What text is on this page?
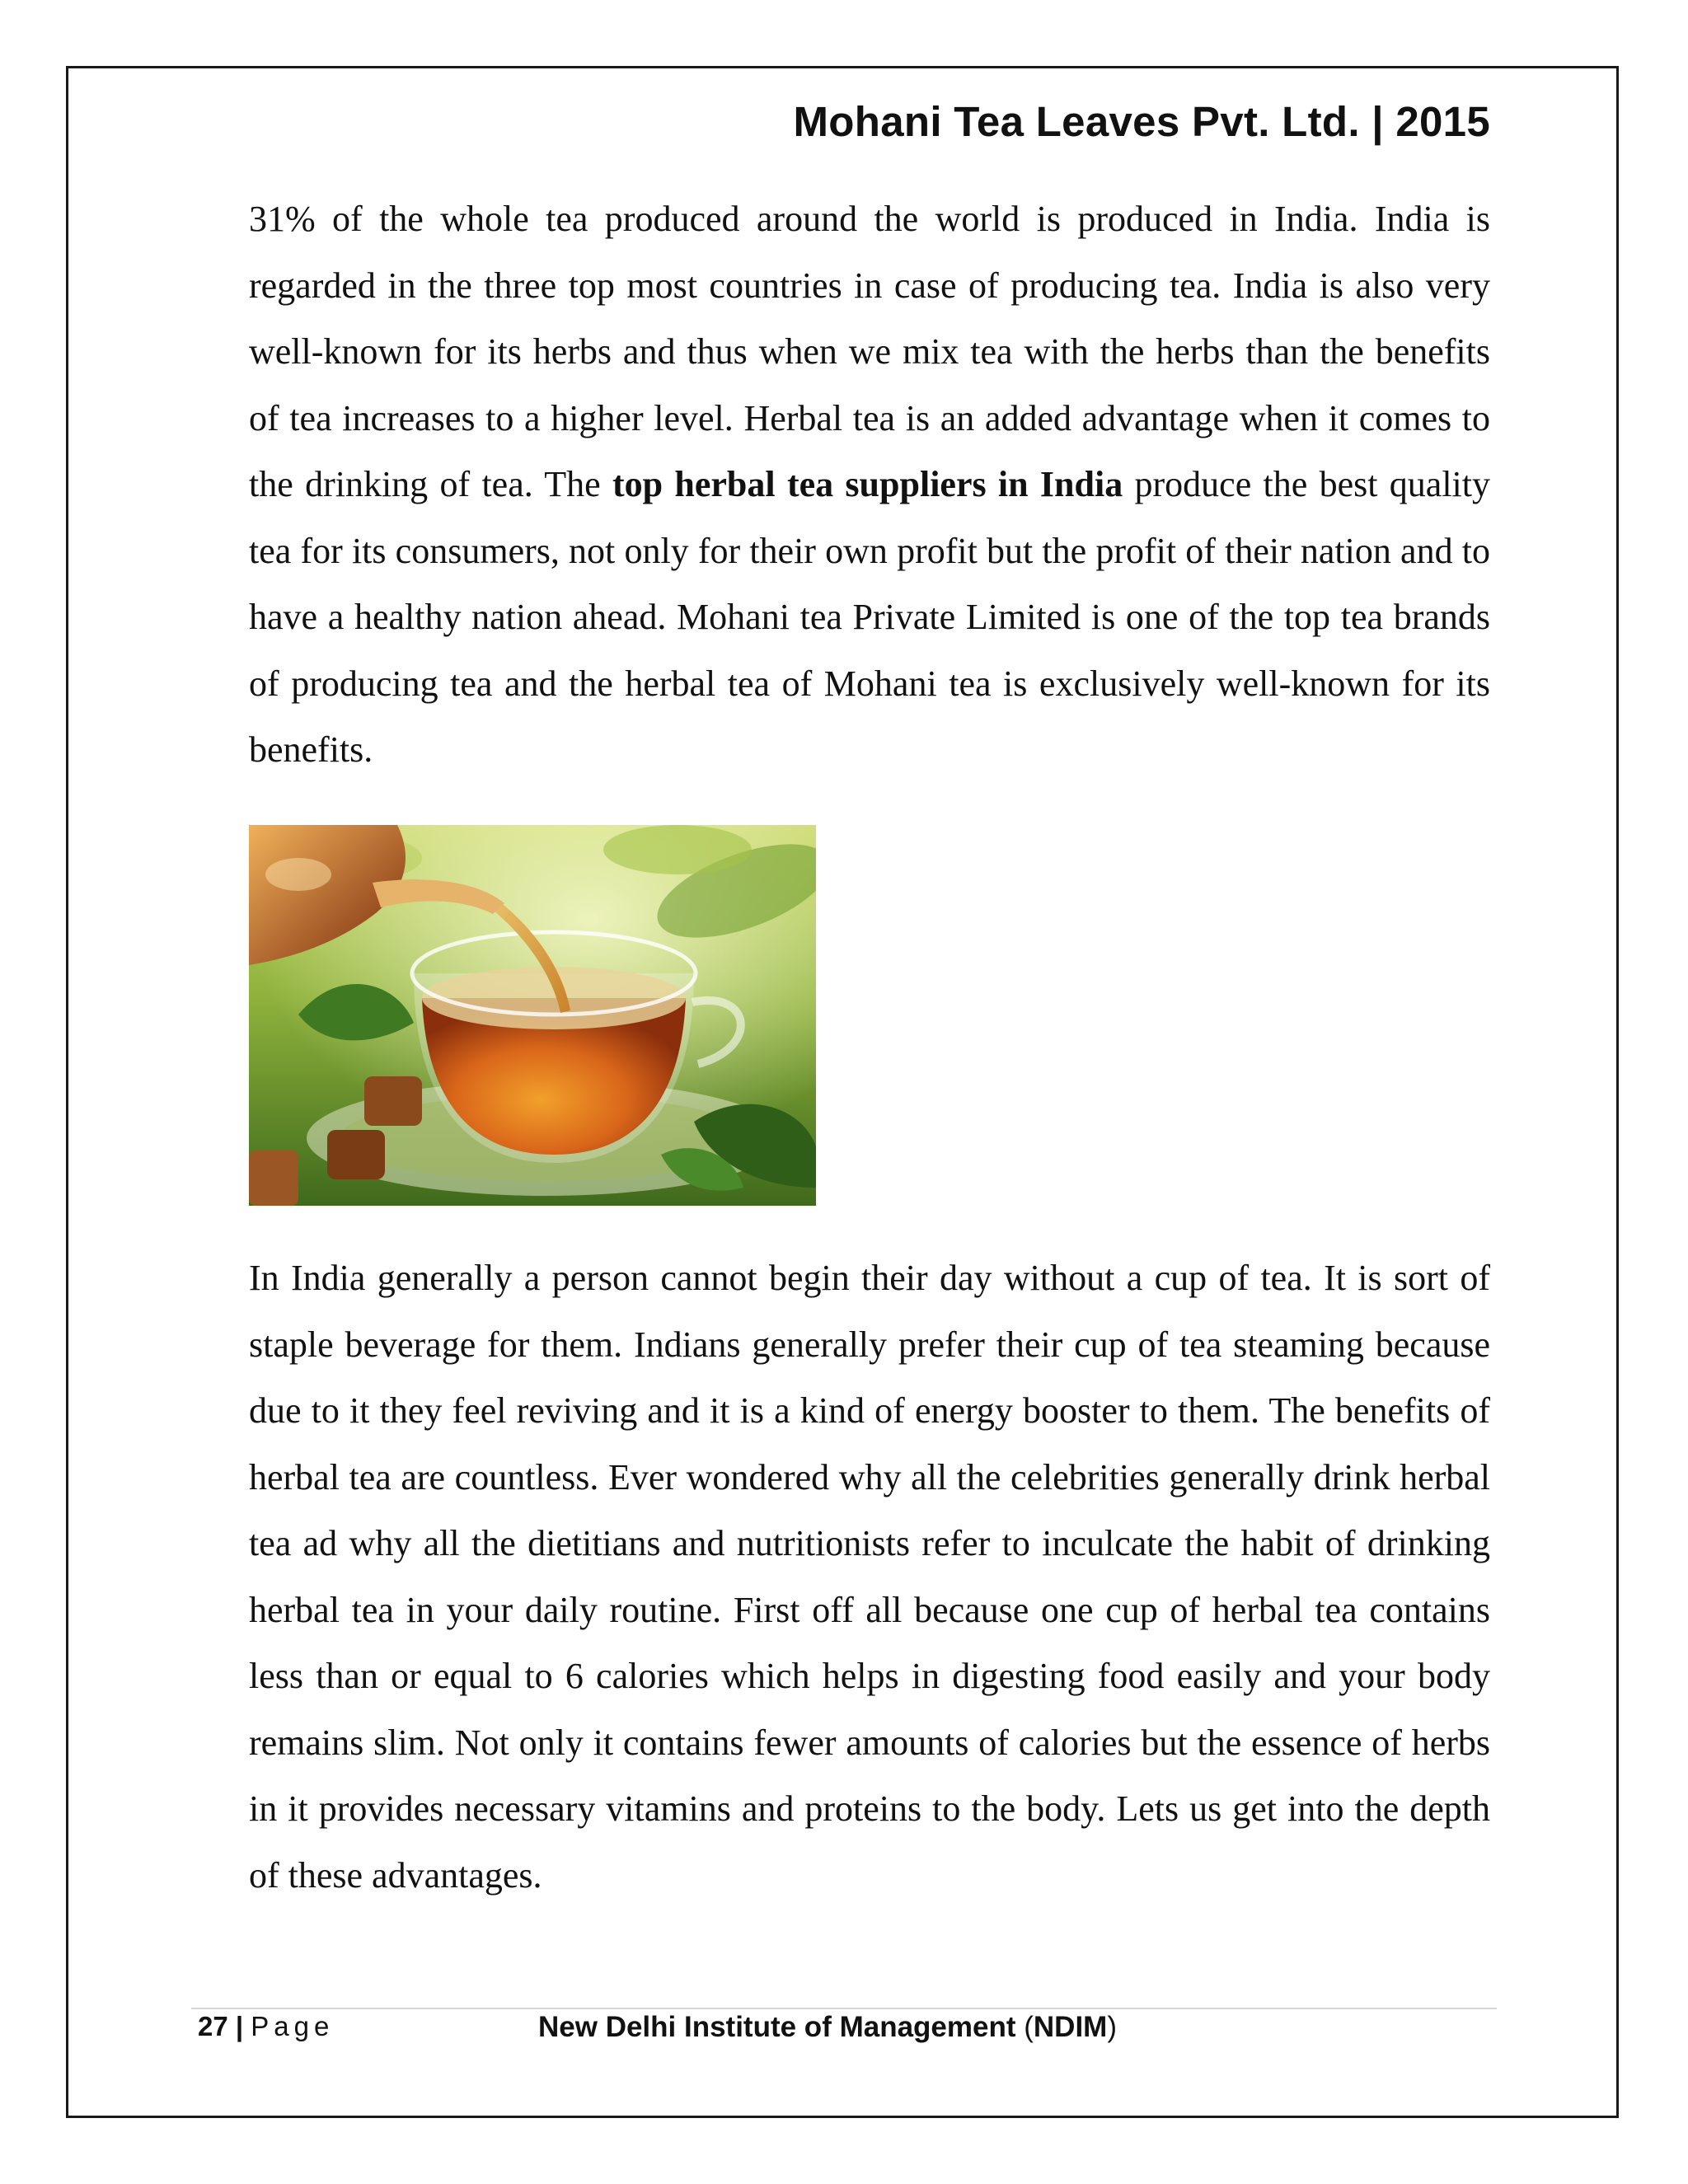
Mohani Tea Leaves Pvt. Ltd. | 2015

31% of the whole tea produced around the world is produced in India. India is regarded in the three top most countries in case of producing tea. India is also very well-known for its herbs and thus when we mix tea with the herbs than the benefits of tea increases to a higher level. Herbal tea is an added advantage when it comes to the drinking of tea. The top herbal tea suppliers in India produce the best quality tea for its consumers, not only for their own profit but the profit of their nation and to have a healthy nation ahead. Mohani tea Private Limited is one of the top tea brands of producing tea and the herbal tea of Mohani tea is exclusively well-known for its benefits.

In India generally a person cannot begin their day without a cup of tea. It is sort of staple beverage for them. Indians generally prefer their cup of tea steaming because due to it they feel reviving and it is a kind of energy booster to them. The benefits of herbal tea are countless. Ever wondered why all the celebrities generally drink herbal tea ad why all the dietitians and nutritionists refer to inculcate the habit of drinking herbal tea in your daily routine. First off all because one cup of herbal tea contains less than or equal to 6 calories which helps in digesting food easily and your body remains slim. Not only it contains fewer amounts of calories but the essence of herbs in it provides necessary vitamins and proteins to the body. Lets us get into the depth of these advantages.

27 | Page	New Delhi Institute of Management (NDIM)
